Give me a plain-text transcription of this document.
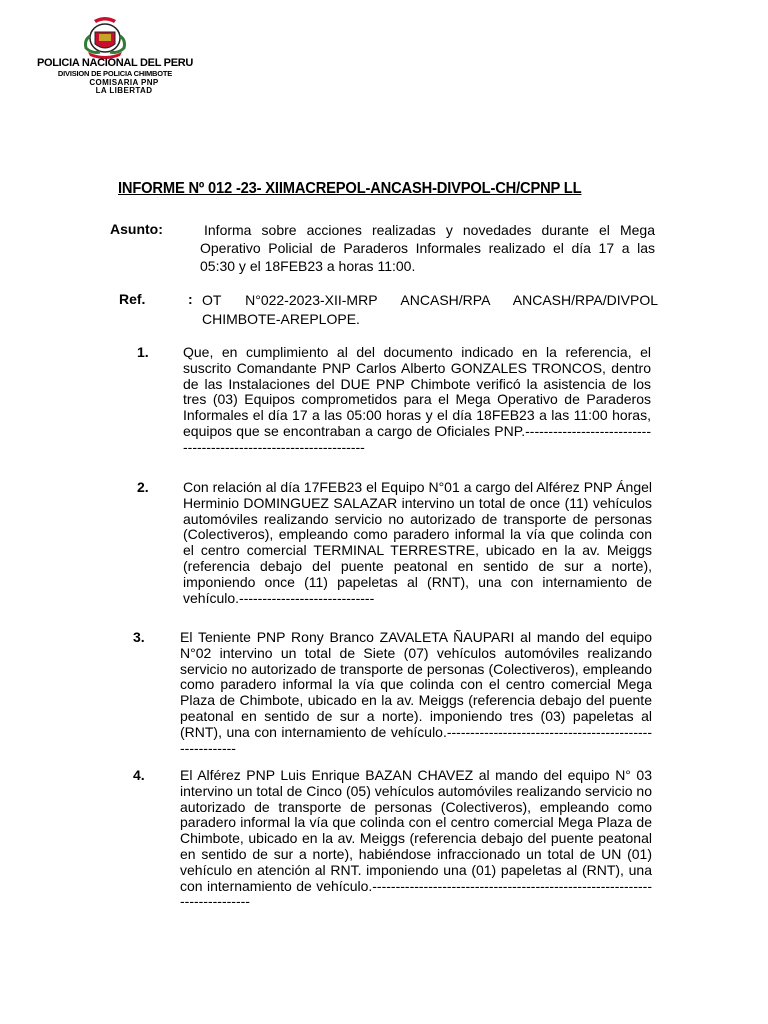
POLICIA NACIONAL DEL PERU
DIVISION DE POLICIA CHIMBOTE
COMISARIA PNP
LA LIBERTAD
INFORME Nº 012 -23- XIIMACREPOL-ANCASH-DIVPOL-CH/CPNP LL
Asunto:	Informa sobre acciones realizadas y novedades durante el Mega Operativo Policial de Paraderos Informales realizado el día 17 a las 05:30 y el 18FEB23 a horas 11:00.
Ref.	: OT N°022-2023-XII-MRP ANCASH/RPA ANCASH/RPA/DIVPOL CHIMBOTE-AREPLOPE.
1. Que, en cumplimiento al del documento indicado en la referencia, el suscrito Comandante PNP Carlos Alberto GONZALES TRONCOS, dentro de las Instalaciones del DUE PNP Chimbote verificó la asistencia de los tres (03) Equipos comprometidos para el Mega Operativo de Paraderos Informales el día 17 a las 05:00 horas y el día 18FEB23 a las 11:00 horas, equipos que se encontraban a cargo de Oficiales PNP.------------------------------------------------------------------
2. Con relación al día 17FEB23 el Equipo N°01 a cargo del Alférez PNP Ángel Herminio DOMINGUEZ SALAZAR intervino un total de once (11) vehículos automóviles realizando servicio no autorizado de transporte de personas (Colectiveros), empleando como paradero informal la vía que colinda con el centro comercial TERMINAL TERRESTRE, ubicado en la av. Meiggs (referencia debajo del puente peatonal en sentido de sur a norte), imponiendo once (11) papeletas al (RNT), una con internamiento de vehículo.-----------------------------
3.	El Teniente PNP Rony Branco ZAVALETA ÑAUPARI al mando del equipo N°02 intervino un total de Siete (07) vehículos automóviles realizando servicio no autorizado de transporte de personas (Colectiveros), empleando como paradero informal la vía que colinda con el centro comercial Mega Plaza de Chimbote, ubicado en la av. Meiggs (referencia debajo del puente peatonal en sentido de sur a norte). imponiendo tres (03) papeletas al (RNT), una con internamiento de vehículo.--------------------------------------------------------
4.	El Alférez PNP Luis Enrique BAZAN CHAVEZ al mando del equipo N° 03 intervino un total de Cinco (05) vehículos automóviles realizando servicio no autorizado de transporte de personas (Colectiveros), empleando como paradero informal la vía que colinda con el centro comercial Mega Plaza de Chimbote, ubicado en la av. Meiggs (referencia debajo del puente peatonal en sentido de sur a norte), habiéndose infraccionado un total de UN (01) vehículo en atención al RNT. imponiendo una (01) papeletas al (RNT), una con internamiento de vehículo.---------------------------------------------------------------------------
